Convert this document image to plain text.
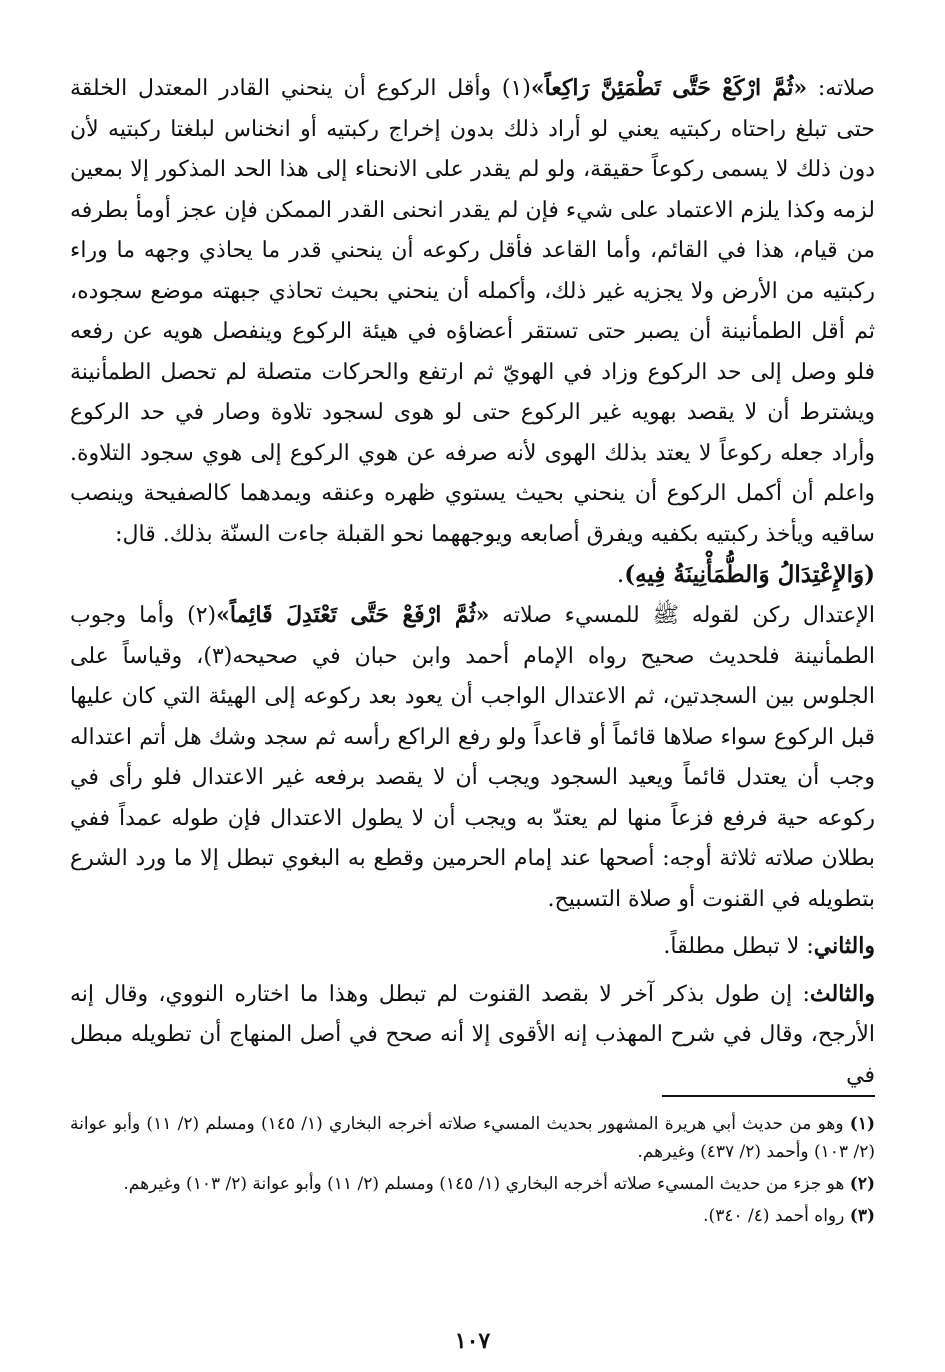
صلاته: «ثُمَّ ارْكَعْ حَتَّى تَطْمَئِنَّ رَاكِعاً»(١) وأقل الركوع أن ينحني القادر المعتدل الخلقة حتى تبلغ راحتاه ركبتيه يعني لو أراد ذلك بدون إخراج ركبتيه أو انخناس لبلغتا ركبتيه لأن دون ذلك لا يسمى ركوعاً حقيقة، ولو لم يقدر على الانحناء إلى هذا الحد المذكور إلا بمعين لزمه وكذا يلزم الاعتماد على شيء فإن لم يقدر انحنى القدر الممكن فإن عجز أومأ بطرفه من قيام، هذا في القائم، وأما القاعد فأقل ركوعه أن ينحني قدر ما يحاذي وجهه ما وراء ركبتيه من الأرض ولا يجزيه غير ذلك، وأكمله أن ينحني بحيث تحاذي جبهته موضع سجوده، ثم أقل الطمأنينة أن يصبر حتى تستقر أعضاؤه في هيئة الركوع وينفصل هويه عن رفعه فلو وصل إلى حد الركوع وزاد في الهويّ ثم ارتفع والحركات متصلة لم تحصل الطمأنينة ويشترط أن لا يقصد بهويه غير الركوع حتى لو هوى لسجود تلاوة وصار في حد الركوع وأراد جعله ركوعاً لا يعتد بذلك الهوى لأنه صرفه عن هوي الركوع إلى هوي سجود التلاوة. واعلم أن أكمل الركوع أن ينحني بحيث يستوي ظهره وعنقه ويمدهما كالصفيحة وينصب ساقيه ويأخذ ركبتيه بكفيه ويفرق أصابعه ويوجههما نحو القبلة جاءت السنّة بذلك. قال:

(وَالإِعْتِدَالُ وَالطُّمَأْنِينَةُ فِيهِ).

الإعتدال ركن لقوله ﷺ للمسيء صلاته «ثُمَّ ارْفَعْ حَتَّى تَعْتَدِلَ قَائِماً»(٢) وأما وجوب الطمأنينة فلحديث صحيح رواه الإمام أحمد وابن حبان في صحيحه(٣)، وقياساً على الجلوس بين السجدتين، ثم الاعتدال الواجب أن يعود بعد ركوعه إلى الهيئة التي كان عليها قبل الركوع سواء صلاها قائماً أو قاعداً ولو رفع الراكع رأسه ثم سجد وشك هل أتم اعتداله وجب أن يعتدل قائماً ويعيد السجود ويجب أن لا يقصد برفعه غير الاعتدال فلو رأى في ركوعه حية فرفع فزعاً منها لم يعتدّ به ويجب أن لا يطول الاعتدال فإن طوله عمداً ففي بطلان صلاته ثلاثة أوجه: أصحها عند إمام الحرمين وقطع به البغوي تبطل إلا ما ورد الشرع بتطويله في القنوت أو صلاة التسبيح.

والثاني: لا تبطل مطلقاً.

والثالث: إن طول بذكر آخر لا بقصد القنوت لم تبطل وهذا ما اختاره النووي، وقال إنه الأرجح، وقال في شرح المهذب إنه الأقوى إلا أنه صحح في أصل المنهاج أن تطويله مبطل في

(١) وهو من حديث أبي هريرة المشهور بحديث المسيء صلاته أخرجه البخاري (١/ ١٤٥) ومسلم (٢/ ١١) وأبو عوانة (٢/ ١٠٣) وأحمد (٢/ ٤٣٧) وغيرهم.

(٢) هو جزء من حديث المسيء صلاته أخرجه البخاري (١/ ١٤٥) ومسلم (٢/ ١١) وأبو عوانة (٢/ ١٠٣) وغيرهم.

(٣) رواه أحمد (٤/ ٣٤٠).

١٠٧
